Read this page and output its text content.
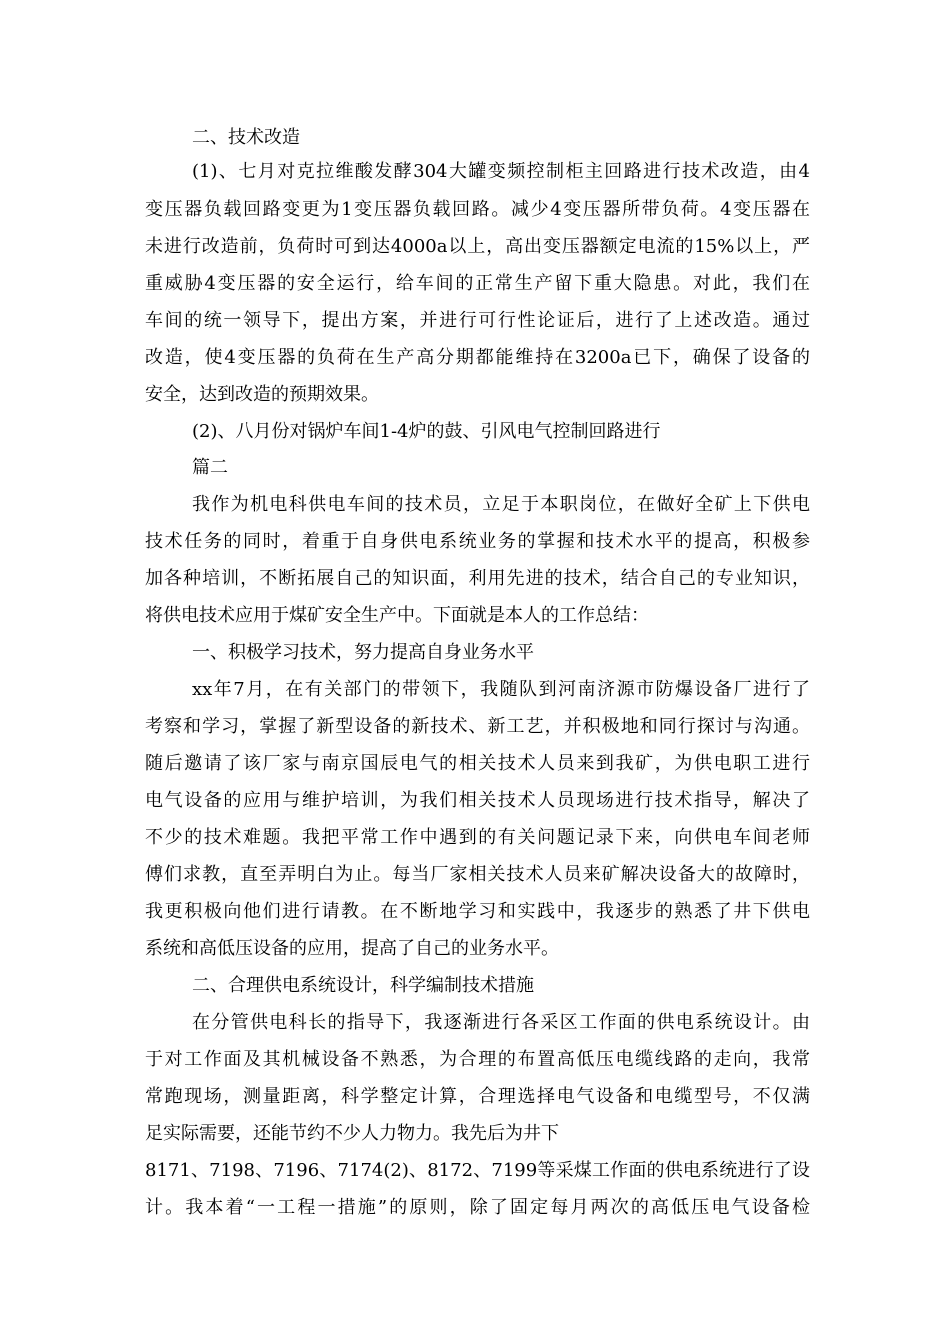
二、技术改造

(1)、七月对克拉维酸发酵304大罐变频控制柜主回路进行技术改造，由4

变压器负载回路变更为1变压器负载回路。减少4变压器所带负荷。4变压器在

未进行改造前，负荷时可到达4000a以上，高出变压器额定电流的15%以上，严

重威胁4变压器的安全运行，给车间的正常生产留下重大隐患。对此，我们在

车间的统一领导下，提出方案，并进行可行性论证后，进行了上述改造。通过

改造，使4变压器的负荷在生产高分期都能维持在3200a已下，确保了设备的

安全，达到改造的预期效果。

(2)、八月份对锅炉车间1-4炉的鼓、引风电气控制回路进行

篇二

我作为机电科供电车间的技术员，立足于本职岗位，在做好全矿上下供电

技术任务的同时，着重于自身供电系统业务的掌握和技术水平的提高，积极参

加各种培训，不断拓展自己的知识面，利用先进的技术，结合自己的专业知识，

将供电技术应用于煤矿安全生产中。下面就是本人的工作总结：

一、积极学习技术，努力提高自身业务水平

xx年7月，在有关部门的带领下，我随队到河南济源市防爆设备厂进行了

考察和学习，掌握了新型设备的新技术、新工艺，并积极地和同行探讨与沟通。

随后邀请了该厂家与南京国辰电气的相关技术人员来到我矿，为供电职工进行

电气设备的应用与维护培训，为我们相关技术人员现场进行技术指导，解决了

不少的技术难题。我把平常工作中遇到的有关问题记录下来，向供电车间老师

傅们求教，直至弄明白为止。每当厂家相关技术人员来矿解决设备大的故障时，

我更积极向他们进行请教。在不断地学习和实践中，我逐步的熟悉了井下供电

系统和高低压设备的应用，提高了自己的业务水平。

二、合理供电系统设计，科学编制技术措施

在分管供电科长的指导下，我逐渐进行各采区工作面的供电系统设计。由

于对工作面及其机械设备不熟悉，为合理的布置高低压电缆线路的走向，我常

常跑现场，测量距离，科学整定计算，合理选择电气设备和电缆型号，不仅满

足实际需要，还能节约不少人力物力。我先后为井下

8171、7198、7196、7174(2)、8172、7199等采煤工作面的供电系统进行了设

计。我本着“一工程一措施”的原则，除了固定每月两次的高低压电气设备检
